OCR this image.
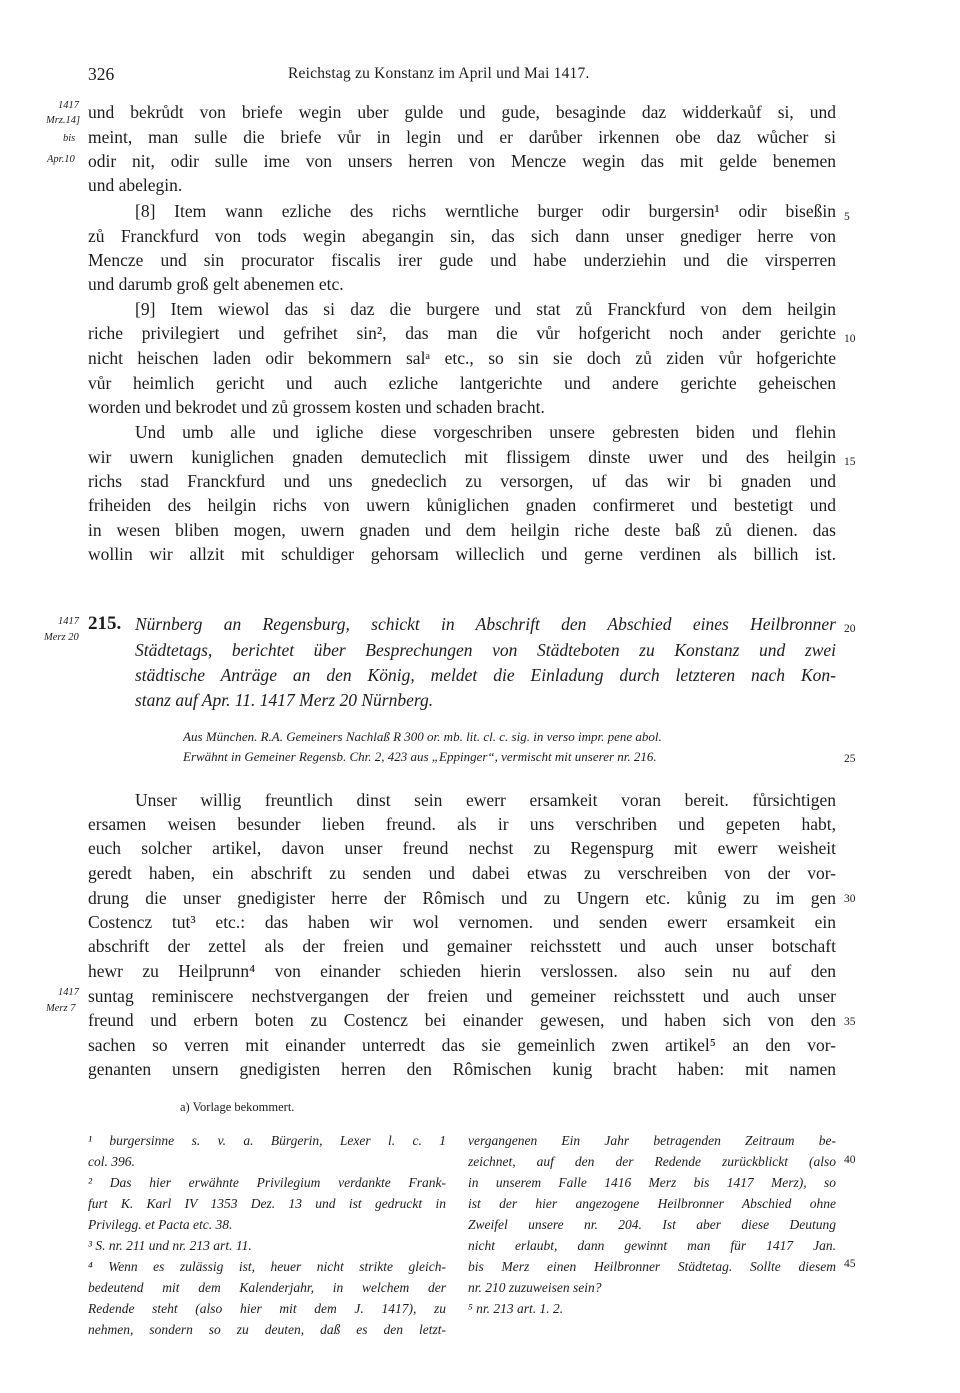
326	Reichstag zu Konstanz im April und Mai 1417.
1417
Mrz.14]
bis
Apr.10
und bekrůdt von briefe wegin uber gulde und gude, besaginde daz widderkaůf si, und
meint, man sulle die briefe vůr in legin und er darůber irkennen obe daz wůcher si
odir nit, odir sulle ime von unsers herren von Mencze wegin das mit gelde benemen
und abelegin.
[8] Item wann ezliche des richs werntliche burger odir burgersin¹ odir biseßin
zů Franckfurd von tods wegin abegangin sin, das sich dann unser gnediger herre von
Mencze und sin procurator fiscalis irer gude und habe underziehin und die virsperren
und darumb groß gelt abenemen etc.
[9] Item wiewol das si daz die burgere und stat zů Franckfurd von dem heilgin
riche privilegiert und gefrihet sin², das man die vůr hofgericht noch ander gerichte
nicht heischen laden odir bekommern salᵃ etc., so sin sie doch zů ziden vůr hofgerichte
vůr heimlich gericht und auch ezliche lantgerichte und andere gerichte geheischen
worden und bekrodet und zů grossem kosten und schaden bracht.
Und umb alle und igliche diese vorgeschriben unsere gebresten biden und flehin
wir uwern kuniglichen gnaden demuteclich mit flissigem dinste uwer und des heilgin
richs stad Franckfurd und uns gnedeclich zu versorgen, uf das wir bi gnaden und
friheiden des heilgin richs von uwern kůniglichen gnaden confirmeret und bestetigt und
in wesen bliben mogen, uwern gnaden und dem heilgin riche deste baß zů dienen. das
wollin wir allzit mit schuldiger gehorsam willeclich und gerne verdinen als billich ist.
1417
Merz 20
215. Nürnberg an Regensburg, schickt in Abschrift den Abschied eines Heilbronner
Städtetags, berichtet über Besprechungen von Städteboten zu Konstanz und zwei
städtische Anträge an den König, meldet die Einladung durch letzteren nach Kon-
stanz auf Apr. 11. 1417 Merz 20 Nürnberg.
Aus München. R.A. Gemeiners Nachlaß R 300 or. mb. lit. cl. c. sig. in verso impr. pene abol.
Erwähnt in Gemeiner Regensb. Chr. 2, 423 aus „Eppinger“, vermischt mit unserer nr. 216.
Unser willig freuntlich dinst sein ewerr ersamkeit voran bereit. fůrsichtigen
ersamen weisen besunder lieben freund. als ir uns verschriben und gepeten habt,
euch solcher artikel, davon unser freund nechst zu Regenspurg mit ewerr weisheit
geredt haben, ein abschrift zu senden und dabei etwas zu verschreiben von der vor-
drung die unser gnedigister herre der Rômisch und zu Ungern etc. kůnig zu im gen
Costencz tut³ etc.: das haben wir wol vernomen. und senden ewerr ersamkeit ein
abschrift der zettel als der freien und gemainer reichsstett und auch unser botschaft
hewr zu Heilprunn⁴ von einander schieden hierin verslossen. also sein nu auf den
suntag reminiscere nechstvergangen der freien und gemeiner reichsstett und auch unser
freund und erbern boten zu Costencz bei einander gewesen, und haben sich von den
sachen so verren mit einander unterredt das sie gemeinlich zwen artikel⁵ an den vor-
genanten unsern gnedigisten herren den Rômischen kunig bracht haben: mit namen
1417
Merz 7
a) Vorlage bekommert.
¹ burgersinne s. v. a. Bürgerin, Lexer l. c. 1
col. 396.
² Das hier erwähnte Privilegium verdankte Frank-
furt K. Karl IV 1353 Dez. 13 und ist gedruckt in
Privilegg. et Pacta etc. 38.
³ S. nr. 211 und nr. 213 art. 11.
⁴ Wenn es zulässig ist, heuer nicht strikte gleich-
bedeutend mit dem Kalenderjahr, in welchem der
Redende steht (also hier mit dem J. 1417), zu
nehmen, sondern so zu deuten, daß es den letzt-
vergangenen Ein Jahr betragenden Zeitraum be-
zeichnet, auf den der Redende zurückblickt (also
in unserem Falle 1416 Merz bis 1417 Merz), so
ist der hier angezogene Heilbronner Abschied ohne
Zweifel unsere nr. 204. Ist aber diese Deutung
nicht erlaubt, dann gewinnt man für 1417 Jan.
bis Merz einen Heilbronner Städtetag. Sollte diesem
nr. 210 zuzuweisen sein?
⁵ nr. 213 art. 1. 2.
5
10
15
20
25
30
35
40
45
